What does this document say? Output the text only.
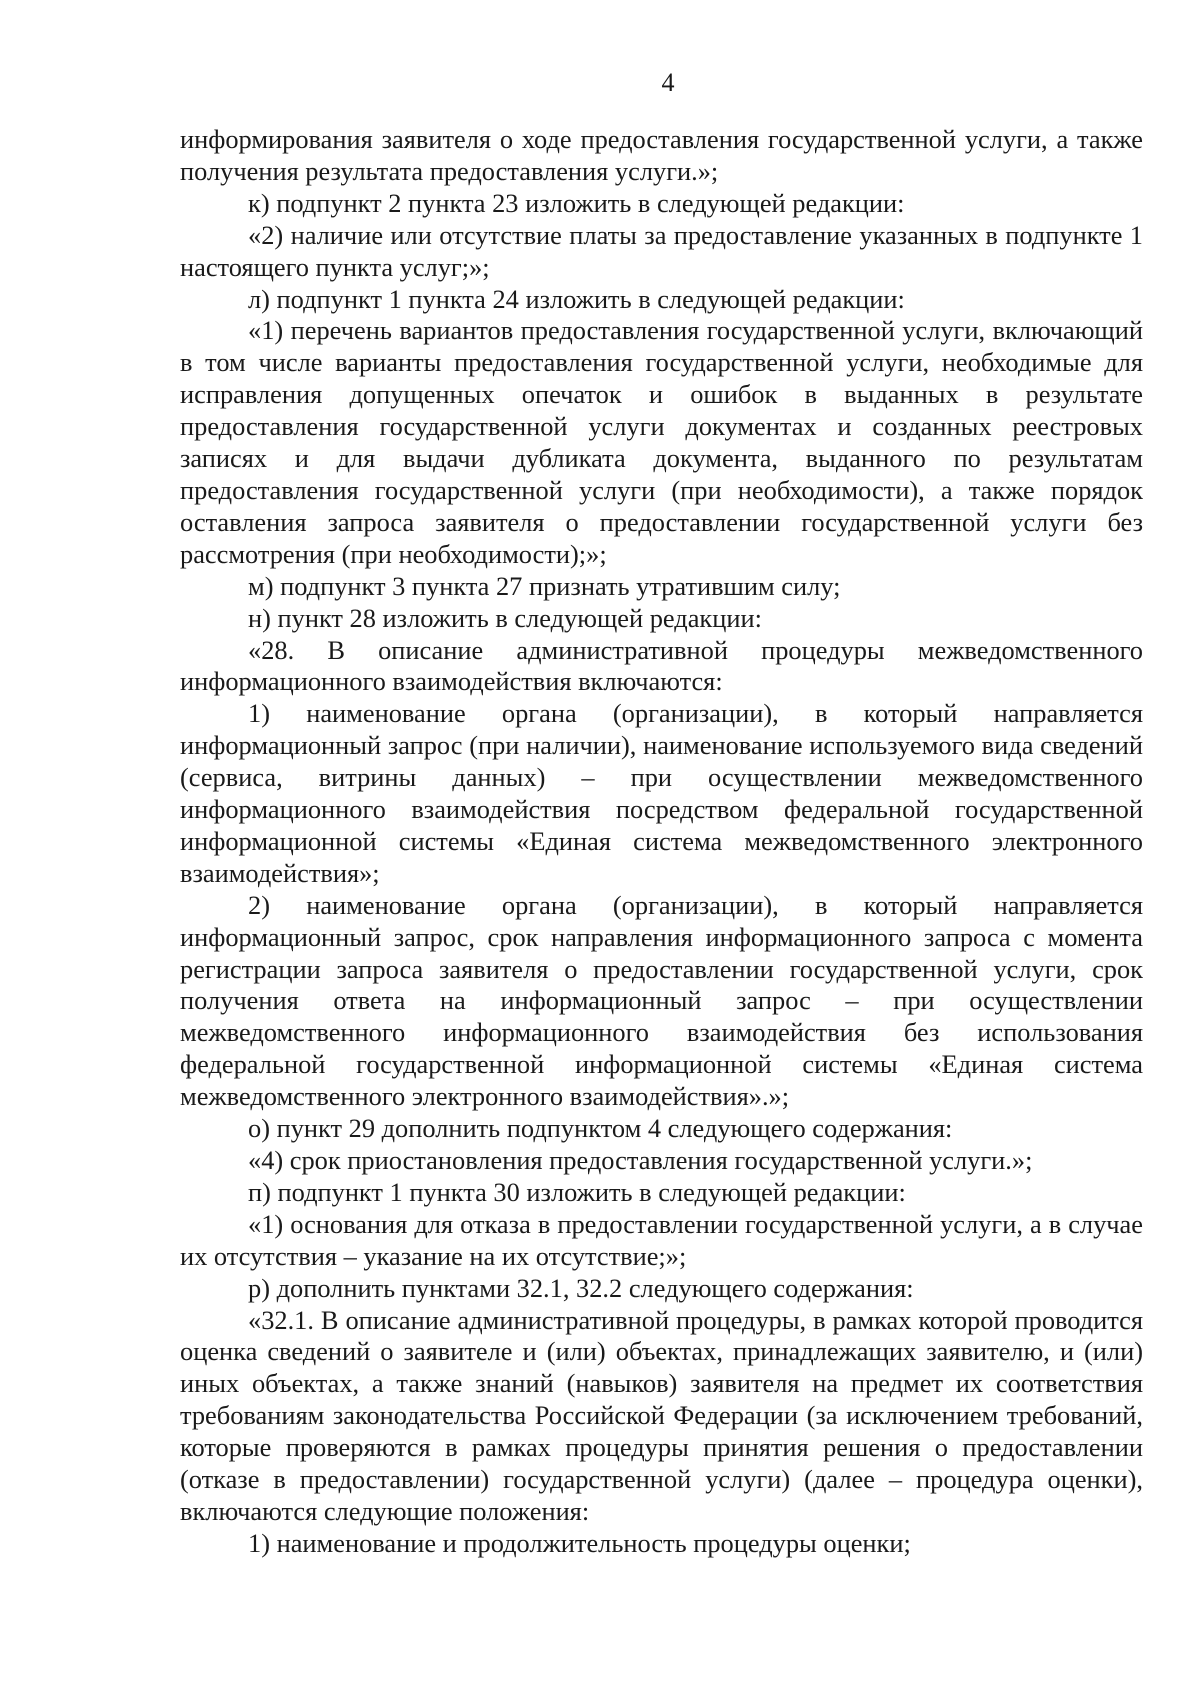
4

информирования заявителя о ходе предоставления государственной услуги, а также получения результата предоставления услуги.»;

к) подпункт 2 пункта 23 изложить в следующей редакции:

«2) наличие или отсутствие платы за предоставление указанных в подпункте 1 настоящего пункта услуг;»;

л) подпункт 1 пункта 24 изложить в следующей редакции:

«1) перечень вариантов предоставления государственной услуги, включающий в том числе варианты предоставления государственной услуги, необходимые для исправления допущенных опечаток и ошибок в выданных в результате предоставления государственной услуги документах и созданных реестровых записях и для выдачи дубликата документа, выданного по результатам предоставления государственной услуги (при необходимости), а также порядок оставления запроса заявителя о предоставлении государственной услуги без рассмотрения (при необходимости);»;

м) подпункт 3 пункта 27 признать утратившим силу;

н) пункт 28 изложить в следующей редакции:

«28. В описание административной процедуры межведомственного информационного взаимодействия включаются:

1) наименование органа (организации), в который направляется информационный запрос (при наличии), наименование используемого вида сведений (сервиса, витрины данных) – при осуществлении межведомственного информационного взаимодействия посредством федеральной государственной информационной системы «Единая система межведомственного электронного взаимодействия»;

2) наименование органа (организации), в который направляется информационный запрос, срок направления информационного запроса с момента регистрации запроса заявителя о предоставлении государственной услуги, срок получения ответа на информационный запрос – при осуществлении межведомственного информационного взаимодействия без использования федеральной государственной информационной системы «Единая система межведомственного электронного взаимодействия».»;

о) пункт 29 дополнить подпунктом 4 следующего содержания:

«4) срок приостановления предоставления государственной услуги.»;

п) подпункт 1 пункта 30 изложить в следующей редакции:

«1) основания для отказа в предоставлении государственной услуги, а в случае их отсутствия – указание на их отсутствие;»;

р) дополнить пунктами 32.1, 32.2 следующего содержания:

«32.1. В описание административной процедуры, в рамках которой проводится оценка сведений о заявителе и (или) объектах, принадлежащих заявителю, и (или) иных объектах, а также знаний (навыков) заявителя на предмет их соответствия требованиям законодательства Российской Федерации (за исключением требований, которые проверяются в рамках процедуры принятия решения о предоставлении (отказе в предоставлении) государственной услуги) (далее – процедура оценки), включаются следующие положения:

1) наименование и продолжительность процедуры оценки;
